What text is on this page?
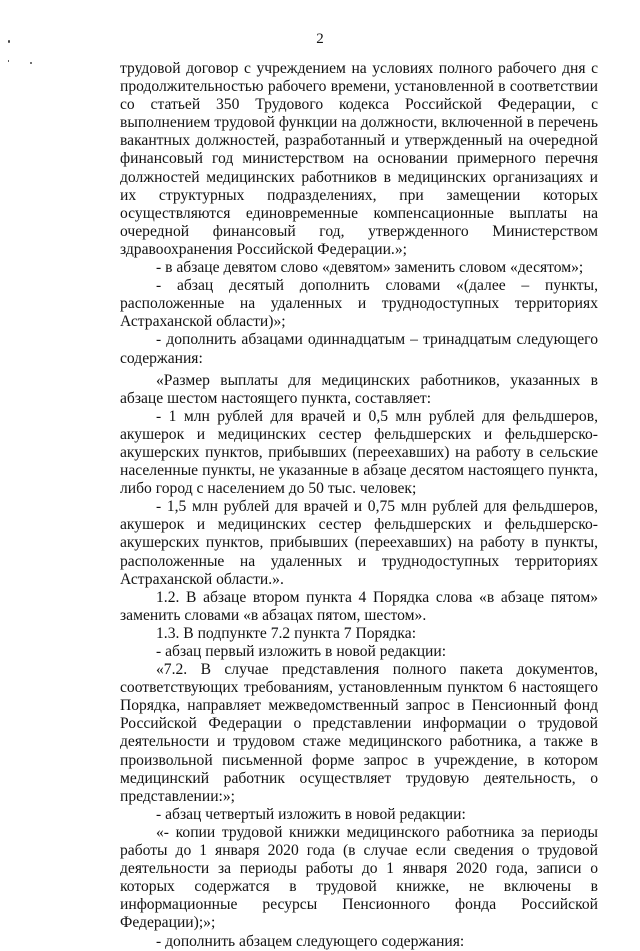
2

трудовой договор с учреждением на условиях полного рабочего дня с продолжительностью рабочего времени, установленной в соответствии со статьей 350 Трудового кодекса Российской Федерации, с выполнением трудовой функции на должности, включенной в перечень вакантных должностей, разработанный и утвержденный на очередной финансовый год министерством на основании примерного перечня должностей медицинских работников в медицинских организациях и их структурных подразделениях, при замещении которых осуществляются единовременные компенсационные выплаты на очередной финансовый год, утвержденного Министерством здравоохранения Российской Федерации.»;

- в абзаце девятом слово «девятом» заменить словом «десятом»;

- абзац десятый дополнить словами «(далее – пункты, расположенные на удаленных и труднодоступных территориях Астраханской области)»;

- дополнить абзацами одиннадцатым – тринадцатым следующего содержания:

«Размер выплаты для медицинских работников, указанных в абзаце шестом настоящего пункта, составляет:

- 1 млн рублей для врачей и 0,5 млн рублей для фельдшеров, акушерок и медицинских сестер фельдшерских и фельдшерско-акушерских пунктов, прибывших (переехавших) на работу в сельские населенные пункты, не указанные в абзаце десятом настоящего пункта, либо город с населением до 50 тыс. человек;

- 1,5 млн рублей для врачей и 0,75 млн рублей для фельдшеров, акушерок и медицинских сестер фельдшерских и фельдшерско-акушерских пунктов, прибывших (переехавших) на работу в пункты, расположенные на удаленных и труднодоступных территориях Астраханской области.».

1.2. В абзаце втором пункта 4 Порядка слова «в абзаце пятом» заменить словами «в абзацах пятом, шестом».

1.3. В подпункте 7.2 пункта 7 Порядка:

- абзац первый изложить в новой редакции:

«7.2. В случае представления полного пакета документов, соответствующих требованиям, установленным пунктом 6 настоящего Порядка, направляет межведомственный запрос в Пенсионный фонд Российской Федерации о представлении информации о трудовой деятельности и трудовом стаже медицинского работника, а также в произвольной письменной форме запрос в учреждение, в котором медицинский работник осуществляет трудовую деятельность, о представлении:»;

- абзац четвертый изложить в новой редакции:

«- копии трудовой книжки медицинского работника за периоды работы до 1 января 2020 года (в случае если сведения о трудовой деятельности за периоды работы до 1 января 2020 года, записи о которых содержатся в трудовой книжке, не включены в информационные ресурсы Пенсионного фонда Российской Федерации);»;

- дополнить абзацем следующего содержания:
